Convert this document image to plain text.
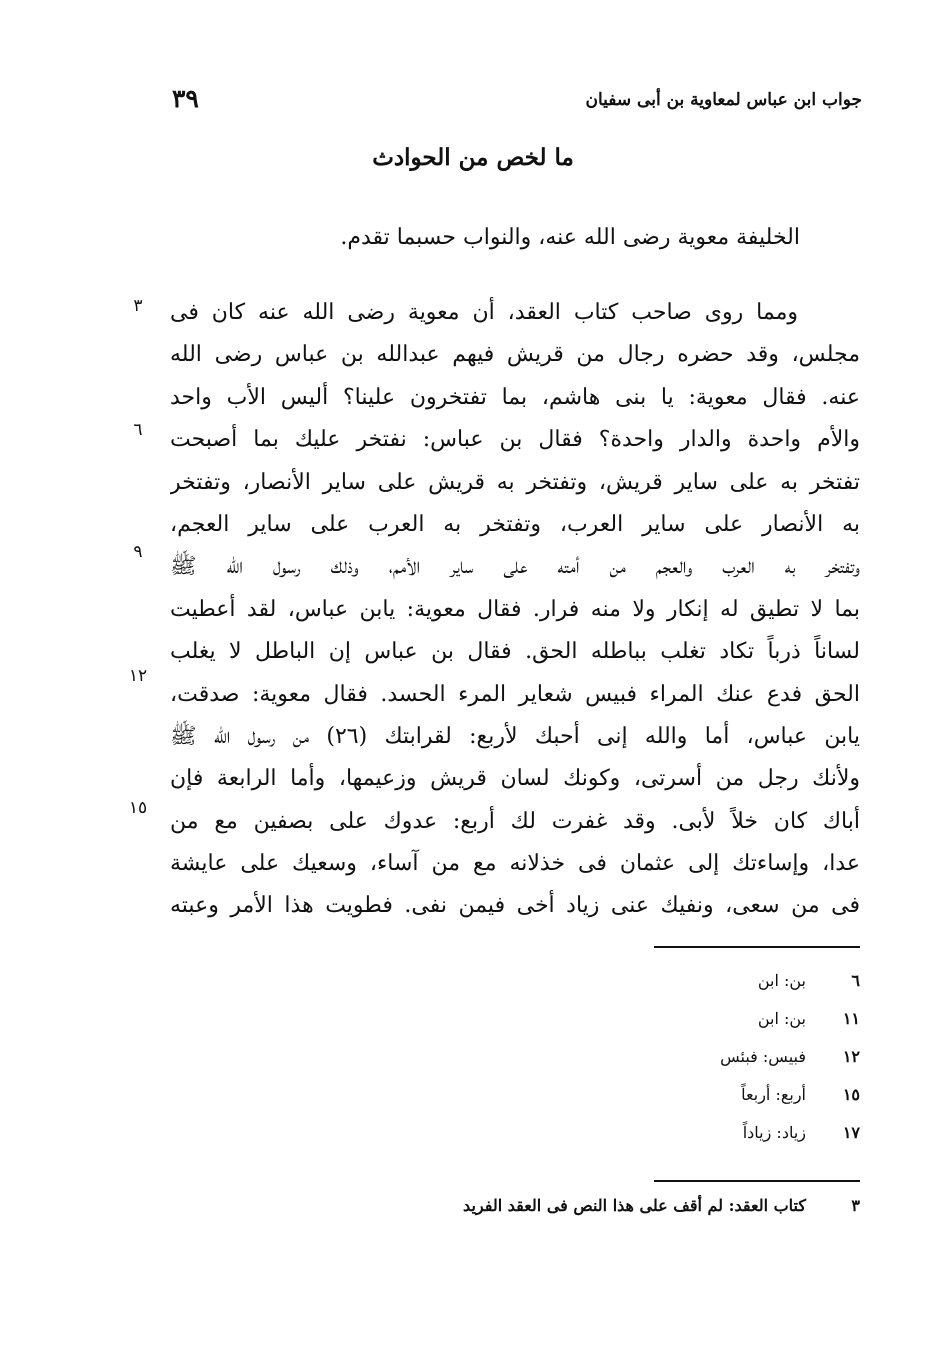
٣٩	جواب ابن عباس لمعاوية بن أبى سفيان
ما لخص من الحوادث
الخليفة معوية رضى الله عنه، والنواب حسبما تقدم.
ومما روى صاحب كتاب العقد، أن معوية رضى الله عنه كان فى
مجلس، وقد حضره رجال من قريش فيهم عبدالله بن عباس رضى الله
عنه. فقال معوية: يا بنى هاشم، بما تفتخرون علينا؟ أليس الأب واحد
والأم واحدة والدار واحدة؟ فقال بن عباس: نفتخر عليك بما أصبحت
تفتخر به على ساير قريش، وتفتخر به قريش على ساير الأنصار، وتفتخر
به الأنصار على ساير العرب، وتفتخر به العرب على ساير العجم،
وتفتخر به العرب والعجم من أمته على ساير الأمم، وذلك رسول الله ﷺ
بما لا تطيق له إنكار ولا منه فرار. فقال معوية: يابن عباس، لقد أعطيت
لساناً ذرباً تكاد تغلب بباطله الحق. فقال بن عباس إن الباطل لا يغلب
الحق فدع عنك المراء فبيس شعاير المرء الحسد. فقال معوية: صدقت،
يابن عباس، أما والله إنى أحبك لأربع: لقرابتك (٢٦) من رسول الله ﷺ
ولأنك رجل من أسرتى، وكونك لسان قريش وزعيمها، وأما الرابعة فإن
أباك كان خلاً لأبى. وقد غفرت لك أربع: عدوك على بصفين مع من
عدا، وإساءتك إلى عثمان فى خذلانه مع من آساء، وسعيك على عايشة
فى من سعى، ونفيك عنى زياد أخى فيمن نفى. فطويت هذا الأمر وعبته
٣
٦
٩
١٢
١٥
٦بن: ابن
١١بن: ابن
١٢فبيس: فبئس
١٥أربع: أربعاً
١٧زياد: زياداً
٣كتاب العقد: لم أقف على هذا النص فى العقد الفريد
